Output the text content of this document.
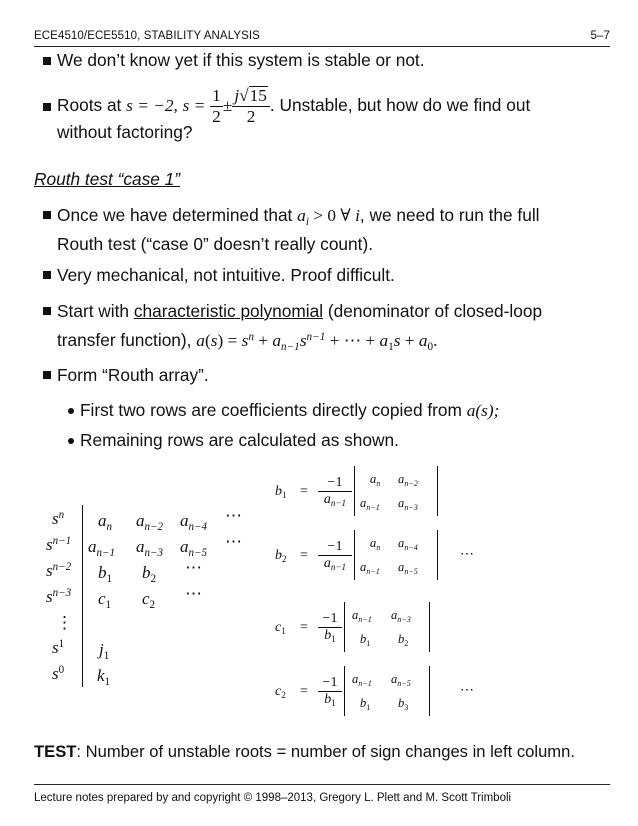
ECE4510/ECE5510, STABILITY ANALYSIS	5–7
We don’t know yet if this system is stable or not.
Roots at s = −2, $s = \frac{1}{2} \pm \frac{j√15}{2}$ . Unstable, but how do we find out
without factoring?
Routh test “case 1”
Once we have determined that $a_i > 0$ ∀ i, we need to run the full
Routh test (“case 0” doesn’t really count).
Very mechanical, not intuitive. Proof difficult.
Start with characteristic polynomial (denominator of closed-loop
transfer function), $a(s) = s^n + a_{n-1}s^{n-1}$ + ⋯ + $a_1s + a_0$.
Form “Routh array”.
First two rows are coefficients directly copied from a(s);
Remaining rows are calculated as shown.
$s^n$
$s^{n-1}$
$s^{n-2}$
$s^{n-3}$
⋮
$s^1$
$s^0$
$a_n$ $a_{n-2}$ $a_{n-4}$
⋯
$a_{n-1}$ $a_{n-3}$ $a_{n-5}$
⋯
$b_1$ $b_2$
⋯
$c_1$ $c_2$
⋯
$j_1$
$k_1$
$b_1 = \frac{-1}{a_{n-1}} a_n$ $a_{n-2}$
$a_{n-1}$ $a_{n-3}$
$b_2 = \frac{-1}{a_{n-1}} a_n$ $a_{n-4}$
$a_{n-1}$ $a_{n-5}$
⋯
$c_1 = \frac{-1}{b_1} a_{n-1}$ $a_{n-3}$
$b_1$ $b_2$
$c_2 = \frac{-1}{b_1} a_{n-1}$ $a_{n-5}$
$b_1$ $b_3$
⋯
TEST: Number of unstable roots = number of sign changes in left column.
Lecture notes prepared by and copyright © 1998–2013, Gregory L. Plett and M. Scott Trimboli
